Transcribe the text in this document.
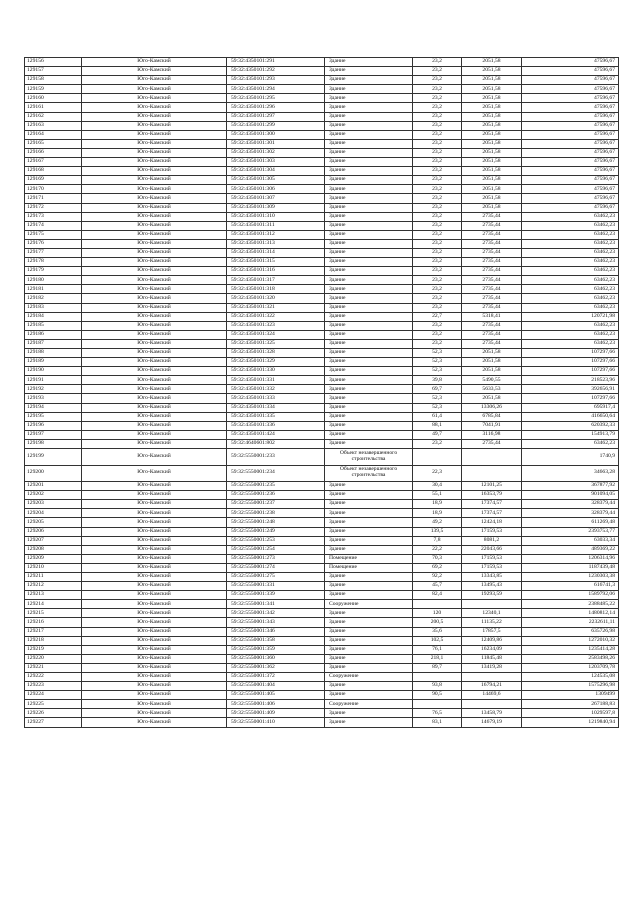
129156	Юго-Камский	59:32:4350101:291	Здание	23,2	2051,58	47596,67
129157	Юго-Камский	59:32:4350101:292	Здание	23,2	2051,58	47596,67
129158	Юго-Камский	59:32:4350101:293	Здание	23,2	2051,58	47596,67
129159	Юго-Камский	59:32:4350101:294	Здание	23,2	2051,58	47596,67
129160	Юго-Камский	59:32:4350101:295	Здание	23,2	2051,58	47596,67
129161	Юго-Камский	59:32:4350101:296	Здание	23,2	2051,58	47596,67
129162	Юго-Камский	59:32:4350101:297	Здание	23,2	2051,58	47596,67
129163	Юго-Камский	59:32:4350101:299	Здание	23,2	2051,58	47596,67
129164	Юго-Камский	59:32:4350101:300	Здание	23,2	2051,58	47596,67
129165	Юго-Камский	59:32:4350101:301	Здание	23,2	2051,58	47596,67
129166	Юго-Камский	59:32:4350101:302	Здание	23,2	2051,58	47596,67
129167	Юго-Камский	59:32:4350101:303	Здание	23,2	2051,58	47596,67
129168	Юго-Камский	59:32:4350101:304	Здание	23,2	2051,58	47596,67
129169	Юго-Камский	59:32:4350101:305	Здание	23,2	2051,58	47596,67
129170	Юго-Камский	59:32:4350101:306	Здание	23,2	2051,58	47596,67
129171	Юго-Камский	59:32:4350101:307	Здание	23,2	2051,58	47596,67
129172	Юго-Камский	59:32:4350101:309	Здание	23,2	2051,58	47596,67
129173	Юго-Камский	59:32:4350101:310	Здание	23,2	2735,44	63462,23
129174	Юго-Камский	59:32:4350101:311	Здание	23,2	2735,44	63462,23
129175	Юго-Камский	59:32:4350101:312	Здание	23,2	2735,44	63462,23
129176	Юго-Камский	59:32:4350101:313	Здание	23,2	2735,44	63462,23
129177	Юго-Камский	59:32:4350101:314	Здание	23,2	2735,44	63462,23
129178	Юго-Камский	59:32:4350101:315	Здание	23,2	2735,44	63462,23
129179	Юго-Камский	59:32:4350101:316	Здание	23,2	2735,44	63462,23
129180	Юго-Камский	59:32:4350101:317	Здание	23,2	2735,44	63462,23
129181	Юго-Камский	59:32:4350101:318	Здание	23,2	2735,44	63462,23
129182	Юго-Камский	59:32:4350101:320	Здание	23,2	2735,44	63462,23
129183	Юго-Камский	59:32:4350101:321	Здание	23,2	2735,44	63462,23
129184	Юго-Камский	59:32:4350101:322	Здание	22,7	5318,41	120721,98
129185	Юго-Камский	59:32:4350101:323	Здание	23,2	2735,44	63462,23
129186	Юго-Камский	59:32:4350101:324	Здание	23,2	2735,44	63462,23
129187	Юго-Камский	59:32:4350101:325	Здание	23,2	2735,44	63462,23
129188	Юго-Камский	59:32:4350101:328	Здание	52,3	2051,58	107297,66
129189	Юго-Камский	59:32:4350101:329	Здание	52,3	2051,58	107297,66
129190	Юго-Камский	59:32:4350101:330	Здание	52,3	2051,58	107297,66
129191	Юго-Камский	59:32:4350101:331	Здание	39,8	5490,55	218523,96
129192	Юго-Камский	59:32:4350101:332	Здание	69,7	5633,53	392656,91
129193	Юго-Камский	59:32:4350101:333	Здание	52,3	2051,58	107297,66
129194	Юго-Камский	59:32:4350101:334	Здание	52,3	13306,26	695917,4
129195	Юго-Камский	59:32:4350101:335	Здание	61,4	6785,84	416650,64
129196	Юго-Камский	59:32:4350101:336	Здание	88,1	7041,91	620392,33
129197	Юго-Камский	59:32:4350101:424	Здание	49,7	3116,98	154913,79
129198	Юго-Камский	59:32:4640601:802	Здание	23,2	2735,44	63462,23
129199	Юго-Камский	59:32:5550001:233	Объект незавершенного строительства			1740,9
129200	Юго-Камский	59:32:5550001:234	Объект незавершенного строительства	22,3		34663,28
129201	Юго-Камский	59:32:5550001:235	Здание	30,4	12101,25	367877,92
129202	Юго-Камский	59:32:5550001:236	Здание	55,1	16353,79	901094,05
129203	Юго-Камский	59:32:5550001:237	Здание	18,9	17374,57	328379,44
129204	Юго-Камский	59:32:5550001:238	Здание	18,9	17374,57	328379,44
129205	Юго-Камский	59:32:5550001:248	Здание	49,2	12424,18	611269,48
129206	Юго-Камский	59:32:5550001:249	Здание	139,5	17159,53	2393753,77
129207	Юго-Камский	59:32:5550001:253	Здание	7,8	8081,2	63033,34
129208	Юго-Камский	59:32:5550001:254	Здание	22,2	22043,66	489369,22
129209	Юго-Камский	59:32:5550001:273	Помещение	70,3	17159,53	1206314,96
129210	Юго-Камский	59:32:5550001:274	Помещение	69,2	17159,53	1187439,48
129211	Юго-Камский	59:32:5550001:275	Здание	92,2	13343,85	1230303,38
129212	Юго-Камский	59:32:5550001:331	Здание	45,7	13495,43	616741,3
129213	Юго-Камский	59:32:5550001:339	Здание	82,4	19293,59	1589792,06
129214	Юго-Камский	59:32:5550001:341	Сооружение			2388485,22
129215	Юго-Камский	59:32:5550001:342	Здание	120	12340,1	1480812,14
129216	Юго-Камский	59:32:5550001:343	Здание	200,5	11135,22	2232611,11
129217	Юго-Камский	59:32:5550001:346	Здание	35,6	17857,5	635726,98
129218	Юго-Камский	59:32:5550001:358	Здание	102,5	12409,86	1272010,32
129219	Юго-Камский	59:32:5550001:359	Здание	76,1	16234,09	1235414,28
129220	Юго-Камский	59:32:5550001:360	Здание	218,1	11845,48	2583498,26
129221	Юго-Камский	59:32:5550001:362	Здание	89,7	13419,28	1203709,78
129222	Юго-Камский	59:32:5550001:372	Сооружение			124535,08
129223	Юго-Камский	59:32:5550001:404	Здание	93,8	16794,21	1575296,98
129224	Юго-Камский	59:32:5550001:405	Здание	90,5	14469,6	1309499
129225	Юго-Камский	59:32:5550001:406	Сооружение			267188,83
129226	Юго-Камский	59:32:5550001:409	Здание	76,5	13458,79	1029597,8
129227	Юго-Камский	59:32:5550001:410	Здание	83,1	14679,19	1219840,94
